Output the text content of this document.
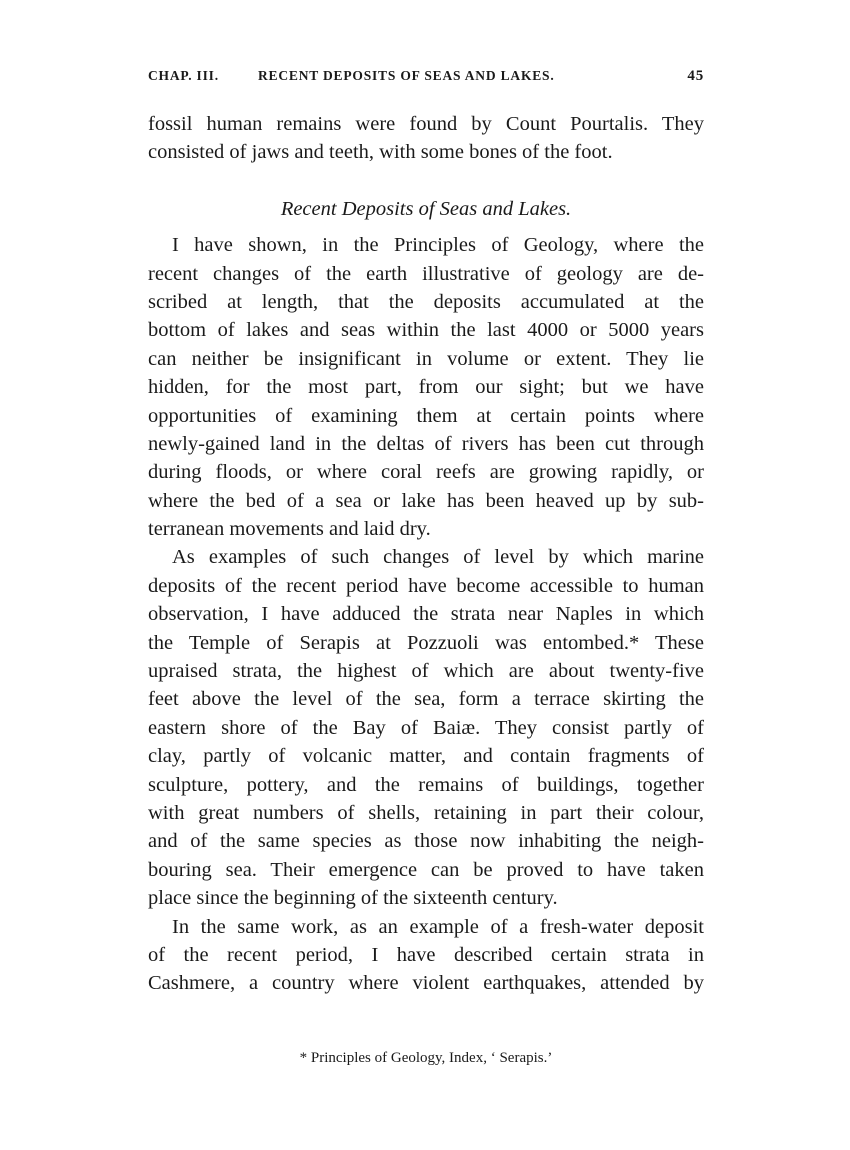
CHAP. III.	RECENT DEPOSITS OF SEAS AND LAKES.	45
fossil human remains were found by Count Pourtalis. They
consisted of jaws and teeth, with some bones of the foot.
Recent Deposits of Seas and Lakes.
I have shown, in the Principles of Geology, where the
recent changes of the earth illustrative of geology are de-
scribed at length, that the deposits accumulated at the
bottom of lakes and seas within the last 4000 or 5000 years
can neither be insignificant in volume or extent. They lie
hidden, for the most part, from our sight; but we have
opportunities of examining them at certain points where
newly-gained land in the deltas of rivers has been cut through
during floods, or where coral reefs are growing rapidly, or
where the bed of a sea or lake has been heaved up by sub-
terranean movements and laid dry.
As examples of such changes of level by which marine
deposits of the recent period have become accessible to human
observation, I have adduced the strata near Naples in which
the Temple of Serapis at Pozzuoli was entombed.* These
upraised strata, the highest of which are about twenty-five
feet above the level of the sea, form a terrace skirting the
eastern shore of the Bay of Baiæ. They consist partly of
clay, partly of volcanic matter, and contain fragments of
sculpture, pottery, and the remains of buildings, together
with great numbers of shells, retaining in part their colour,
and of the same species as those now inhabiting the neigh-
bouring sea. Their emergence can be proved to have taken
place since the beginning of the sixteenth century.
In the same work, as an example of a fresh-water deposit
of the recent period, I have described certain strata in
Cashmere, a country where violent earthquakes, attended by
* Principles of Geology, Index, ‘ Serapis.’
